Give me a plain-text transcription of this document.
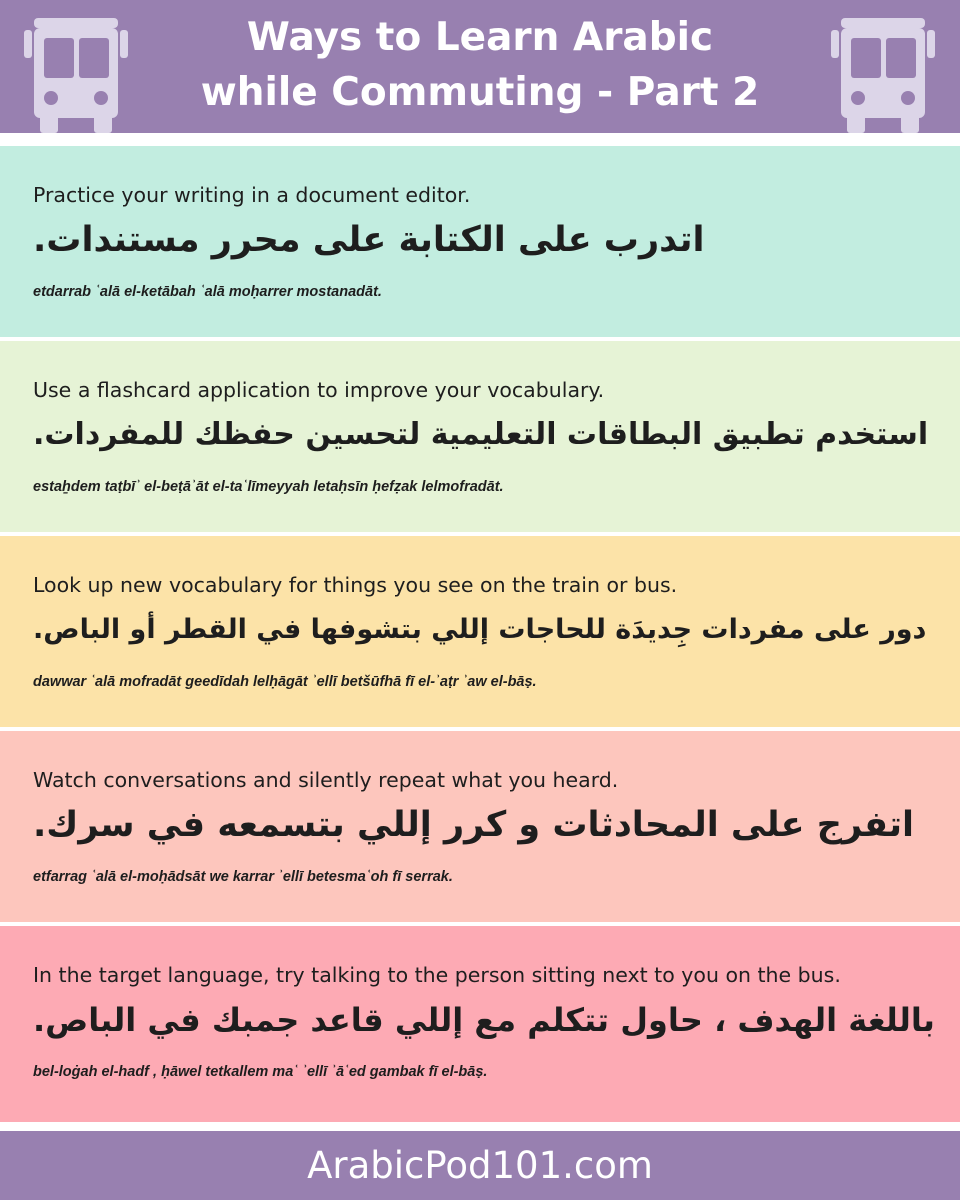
Ways to Learn Arabic
while Commuting - Part 2
Practice your writing in a document editor.
اتدرب على الكتابة على محرر مستندات.
etdarrab ʿalā el-ketābah ʿalā moḥarrer mostanadāt.
Use a flashcard application to improve your vocabulary.
استخدم تطبيق البطاقات التعليمية لتحسين حفظك للمفردات.
estaẖdem taṭbīʾ el-beṭāʾāt el-taʿlīmeyyah letaḥsīn ḥefẓak lelmofradāt.
Look up new vocabulary for things you see on the train or bus.
دور على مفردات جِديدَة للحاجات إللي بتشوفها في القطر أو الباص.
dawwar ʿalā mofradāt geedīdah lelḥāgāt ʾellī betšūfhā fī el-ʾaṭr ʾaw el-bāṣ.
Watch conversations and silently repeat what you heard.
اتفرج على المحادثات و كرر إللي بتسمعه في سرك.
etfarrag ʿalā el-moḥādsāt we karrar ʾellī betesmaʿoh fī serrak.
In the target language, try talking to the person sitting next to you on the bus.
باللغة الهدف ، حاول تتكلم مع إللي قاعد جمبك في الباص.
bel-loġah el-hadf , ḥāwel tetkallem maʿ ʾellī ʾāʿed gambak fī el-bāṣ.
ArabicPod101.com
